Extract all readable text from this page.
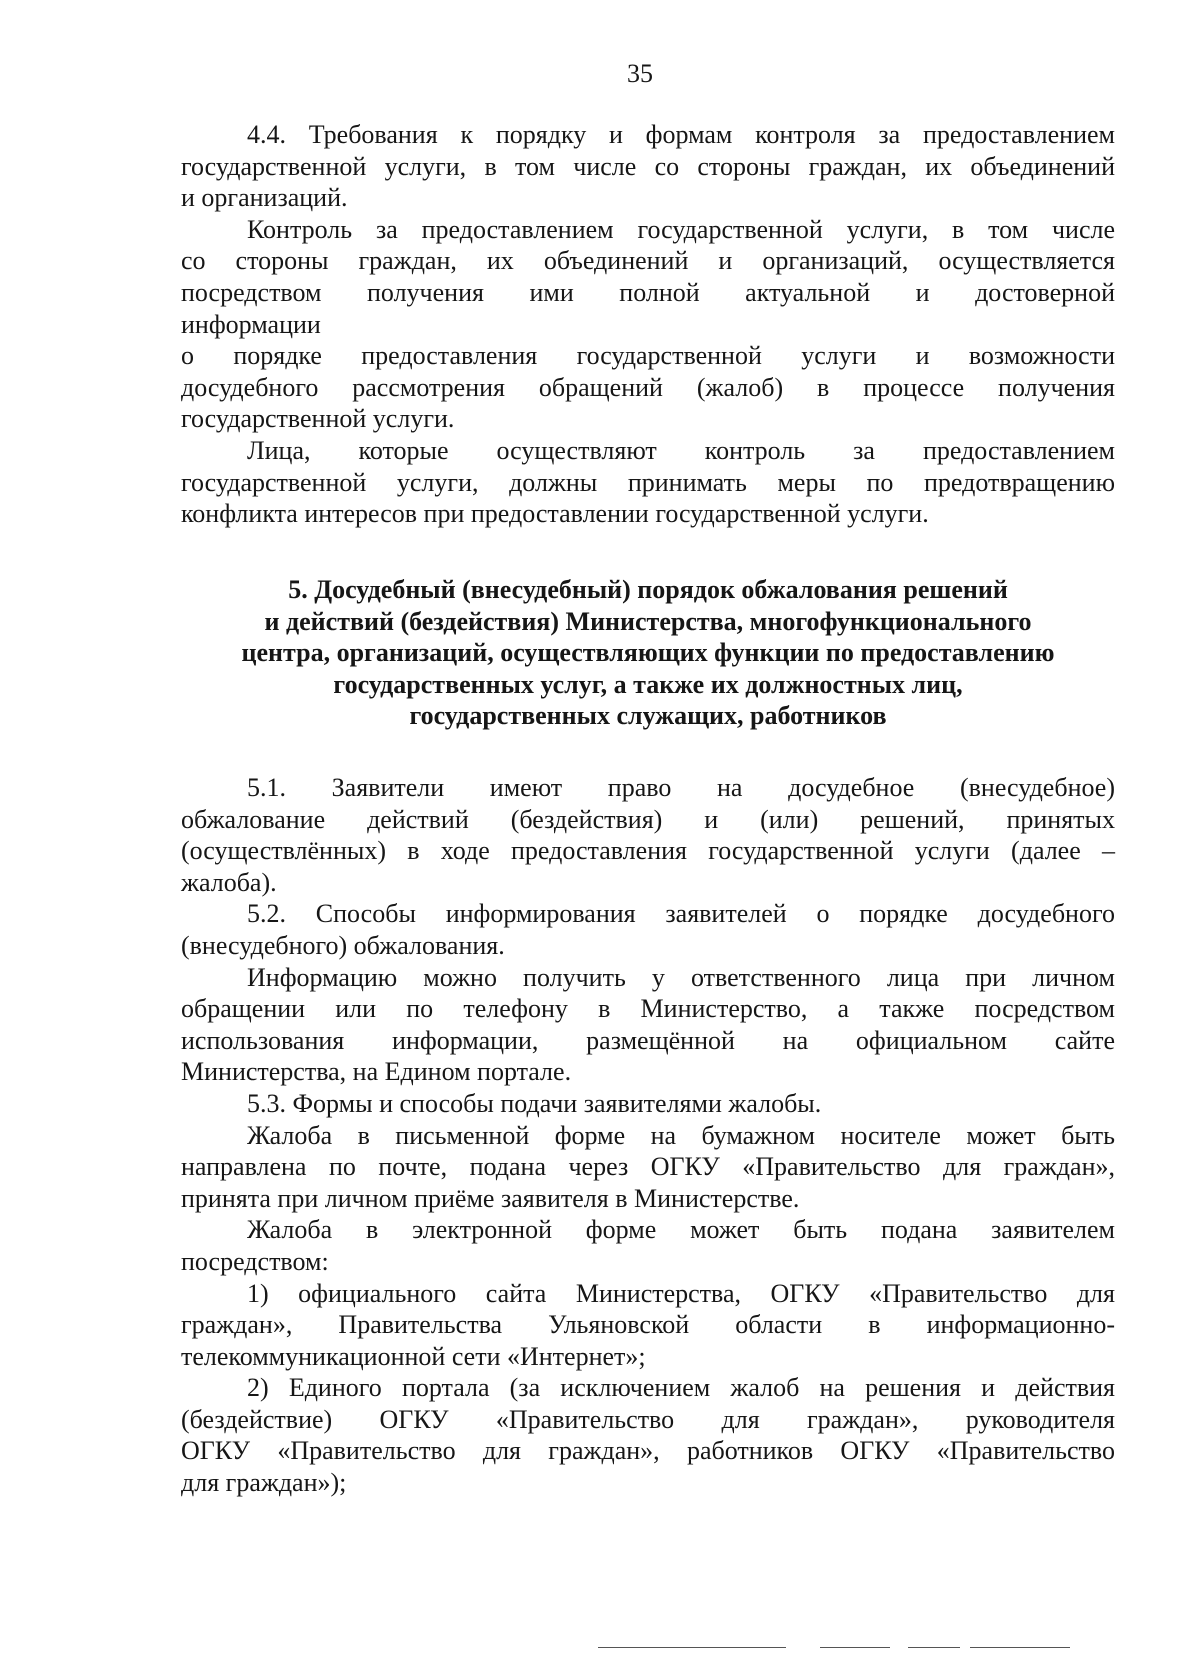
35
4.4. Требования к порядку и формам контроля за предоставлением
государственной услуги, в том числе со стороны граждан, их объединений
и организаций.
Контроль за предоставлением государственной услуги, в том числе
со стороны граждан, их объединений и организаций, осуществляется
посредством получения ими полной актуальной и достоверной
информации
о порядке предоставления государственной услуги и возможности
досудебного рассмотрения обращений (жалоб) в процессе получения
государственной услуги.
Лица, которые осуществляют контроль за предоставлением
государственной услуги, должны принимать меры по предотвращению
конфликта интересов при предоставлении государственной услуги.
5. Досудебный (внесудебный) порядок обжалования решений
и действий (бездействия) Министерства, многофункционального
центра, организаций, осуществляющих функции по предоставлению
государственных услуг, а также их должностных лиц,
государственных служащих, работников
5.1. Заявители имеют право на досудебное (внесудебное)
обжалование действий (бездействия) и (или) решений, принятых
(осуществлённых) в ходе предоставления государственной услуги (далее –
жалоба).
5.2. Способы информирования заявителей о порядке досудебного
(внесудебного) обжалования.
Информацию можно получить у ответственного лица при личном
обращении или по телефону в Министерство, а также посредством
использования информации, размещённой на официальном сайте
Министерства, на Едином портале.
5.3. Формы и способы подачи заявителями жалобы.
Жалоба в письменной форме на бумажном носителе может быть
направлена по почте, подана через ОГКУ «Правительство для граждан»,
принята при личном приёме заявителя в Министерстве.
Жалоба в электронной форме может быть подана заявителем
посредством:
1) официального сайта Министерства, ОГКУ «Правительство для
граждан», Правительства Ульяновской области в информационно-
телекоммуникационной сети «Интернет»;
2) Единого портала (за исключением жалоб на решения и действия
(бездействие) ОГКУ «Правительство для граждан», руководителя
ОГКУ «Правительство для граждан», работников ОГКУ «Правительство
для граждан»);
